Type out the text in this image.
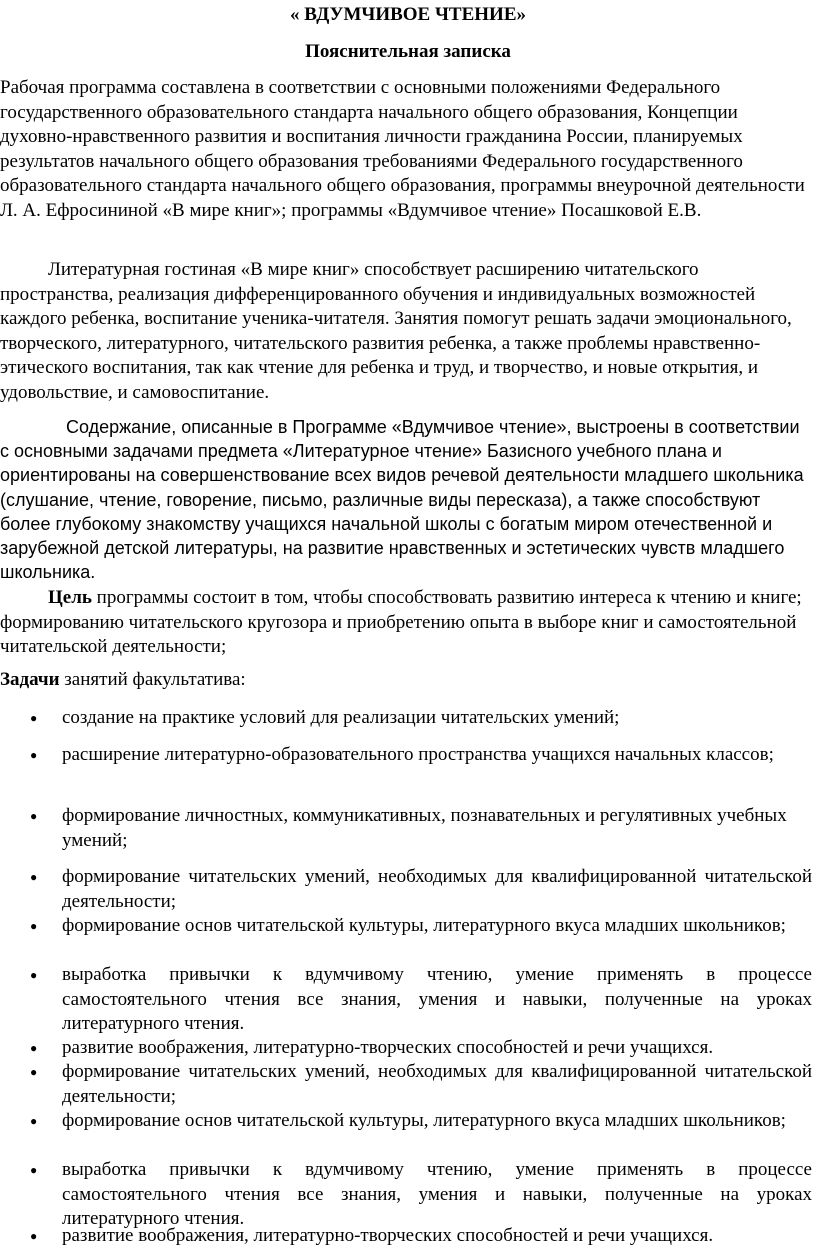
« ВДУМЧИВОЕ ЧТЕНИЕ»
Пояснительная записка
Рабочая программа составлена в соответствии с основными положениями Федерального государственного образовательного стандарта начального общего образования, Концепции духовно-нравственного развития и воспитания личности гражданина России, планируемых результатов начального общего образования требованиями Федерального государственного образовательного стандарта начального общего образования, программы внеурочной деятельности Л. А. Ефросининой «В мире книг»; программы «Вдумчивое чтение» Посашковой Е.В.
Литературная гостиная «В мире книг» способствует расширению читательского пространства, реализация дифференцированного обучения и индивидуальных возможностей каждого ребенка, воспитание ученика-читателя. Занятия помогут решать задачи эмоционального, творческого, литературного, читательского развития ребенка, а также проблемы нравственно-этического воспитания, так как чтение для ребенка и труд, и творчество, и новые открытия, и удовольствие, и самовоспитание.
Содержание, описанные в Программе «Вдумчивое чтение», выстроены в соответствии с основными задачами предмета «Литературное чтение» Базисного учебного плана и ориентированы на совершенствование всех видов речевой деятельности младшего школьника (слушание, чтение, говорение, письмо, различные виды пересказа), а также способствуют более глубокому знакомству учащихся начальной школы с богатым миром отечественной и зарубежной детской литературы, на развитие нравственных и эстетических чувств младшего школьника.
Цель программы состоит в том, чтобы способствовать развитию интереса к чтению и книге; формированию читательского кругозора и приобретению опыта в выборе книг и самостоятельной читательской деятельности;
Задачи занятий факультатива:
● создание на практике условий для реализации читательских умений;
● расширение литературно-образовательного пространства учащихся начальных классов;
● формирование личностных, коммуникативных, познавательных и регулятивных учебных умений;
● формирование читательских умений, необходимых для квалифицированной читательской деятельности;
● формирование основ читательской культуры, литературного вкуса младших школьников;
● выработка привычки к вдумчивому чтению, умение применять в процессе самостоятельного чтения все знания, умения и навыки, полученные на уроках литературного чтения.
● развитие воображения, литературно-творческих способностей и речи учащихся.
● формирование читательских умений, необходимых для квалифицированной читательской деятельности;
● формирование основ читательской культуры, литературного вкуса младших школьников;
● выработка привычки к вдумчивому чтению, умение применять в процессе самостоятельного чтения все знания, умения и навыки, полученные на уроках литературного чтения.
● развитие воображения, литературно-творческих способностей и речи учащихся.
